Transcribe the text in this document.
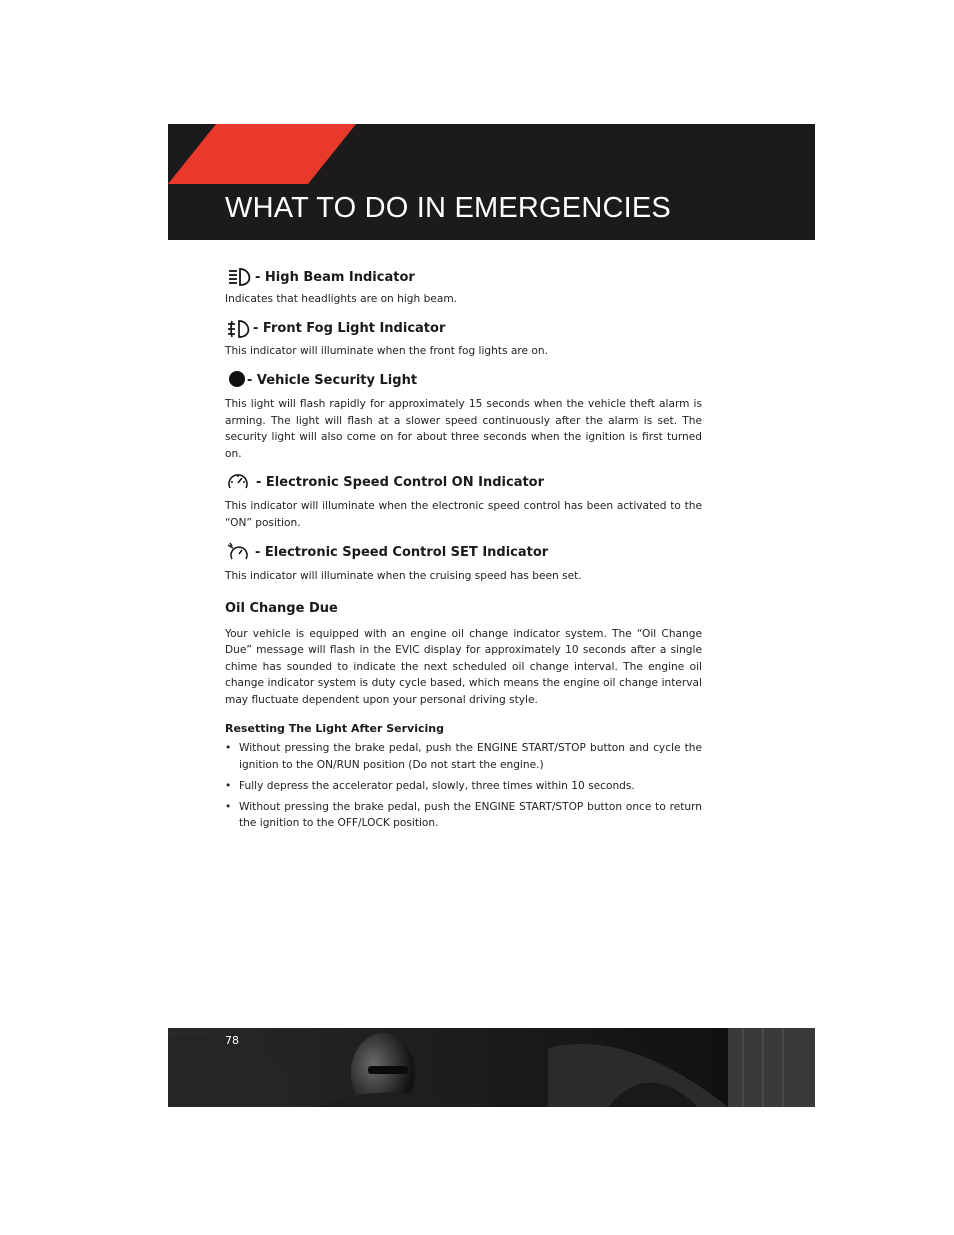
WHAT TO DO IN EMERGENCIES
- High Beam Indicator

Indicates that headlights are on high beam.

- Front Fog Light Indicator

This indicator will illuminate when the front fog lights are on.

- Vehicle Security Light

This light will flash rapidly for approximately 15 seconds when the vehicle theft alarm is arming. The light will flash at a slower speed continuously after the alarm is set. The security light will also come on for about three seconds when the ignition is first turned on.

- Electronic Speed Control ON Indicator

This indicator will illuminate when the electronic speed control has been activated to the “ON” position.

- Electronic Speed Control SET Indicator

This indicator will illuminate when the cruising speed has been set.

Oil Change Due

Your vehicle is equipped with an engine oil change indicator system. The “Oil Change Due” message will flash in the EVIC display for approximately 10 seconds after a single chime has sounded to indicate the next scheduled oil change interval. The engine oil change indicator system is duty cycle based, which means the engine oil change interval may fluctuate dependent upon your personal driving style.

Resetting The Light After Servicing
• Without pressing the brake pedal, push the ENGINE START/STOP button and cycle the ignition to the ON/RUN position (Do not start the engine.)
• Fully depress the accelerator pedal, slowly, three times within 10 seconds.
• Without pressing the brake pedal, push the ENGINE START/STOP button once to return the ignition to the OFF/LOCK position.
78
